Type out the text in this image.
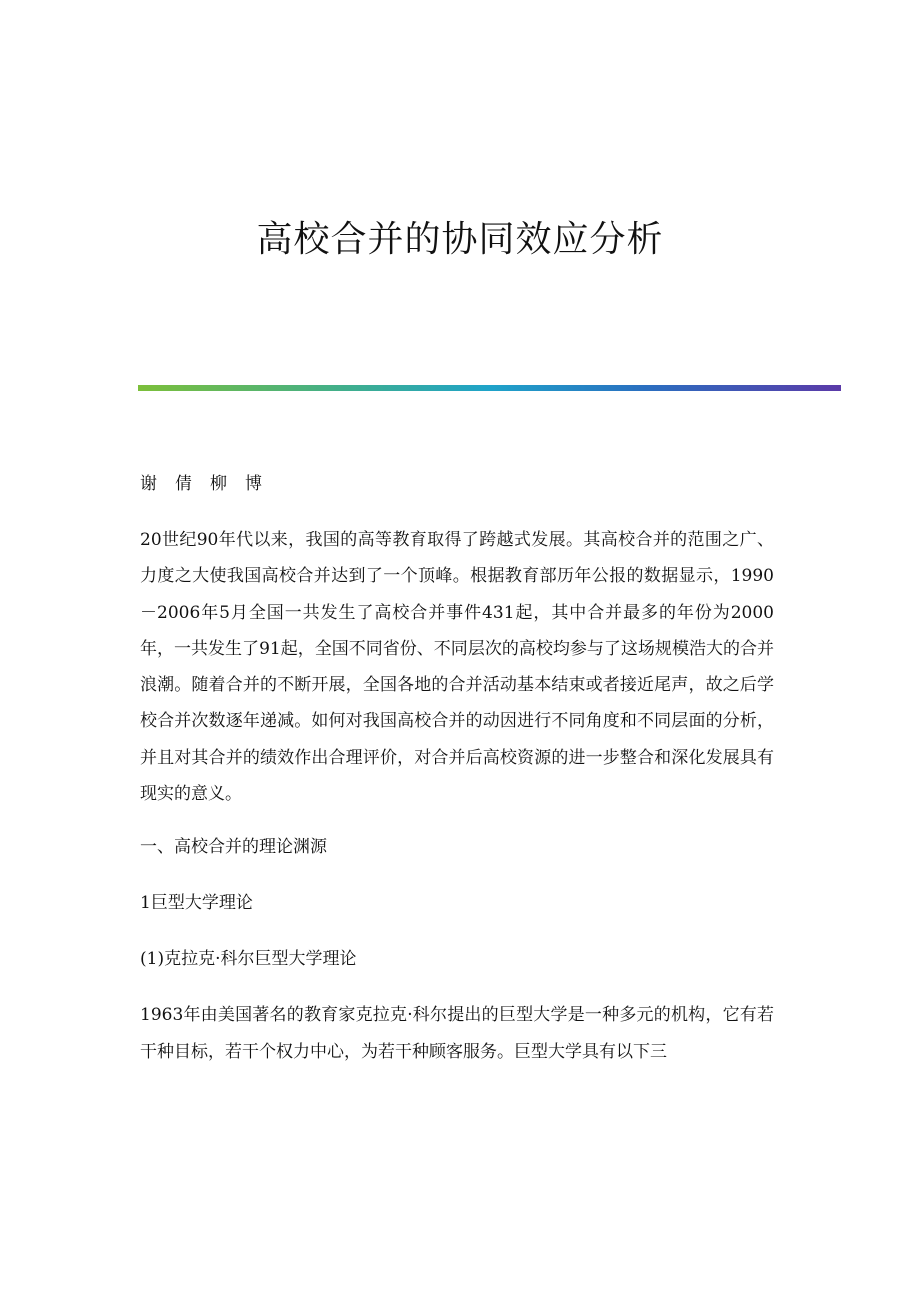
高校合并的协同效应分析

谢倩柳博

20世纪90年代以来，我国的高等教育取得了跨越式发展。其高校合并的范围之广、力度之大使我国高校合并达到了一个顶峰。根据教育部历年公报的数据显示，1990－2006年5月全国一共发生了高校合并事件431起，其中合并最多的年份为2000年，一共发生了91起，全国不同省份、不同层次的高校均参与了这场规模浩大的合并浪潮。随着合并的不断开展，全国各地的合并活动基本结束或者接近尾声，故之后学校合并次数逐年递减。如何对我国高校合并的动因进行不同角度和不同层面的分析，并且对其合并的绩效作出合理评价，对合并后高校资源的进一步整合和深化发展具有现实的意义。

一、高校合并的理论渊源

1巨型大学理论

(1)克拉克·科尔巨型大学理论

1963年由美国著名的教育家克拉克·科尔提出的巨型大学是一种多元的机构，它有若干种目标，若干个权力中心，为若干种顾客服务。巨型大学具有以下三
